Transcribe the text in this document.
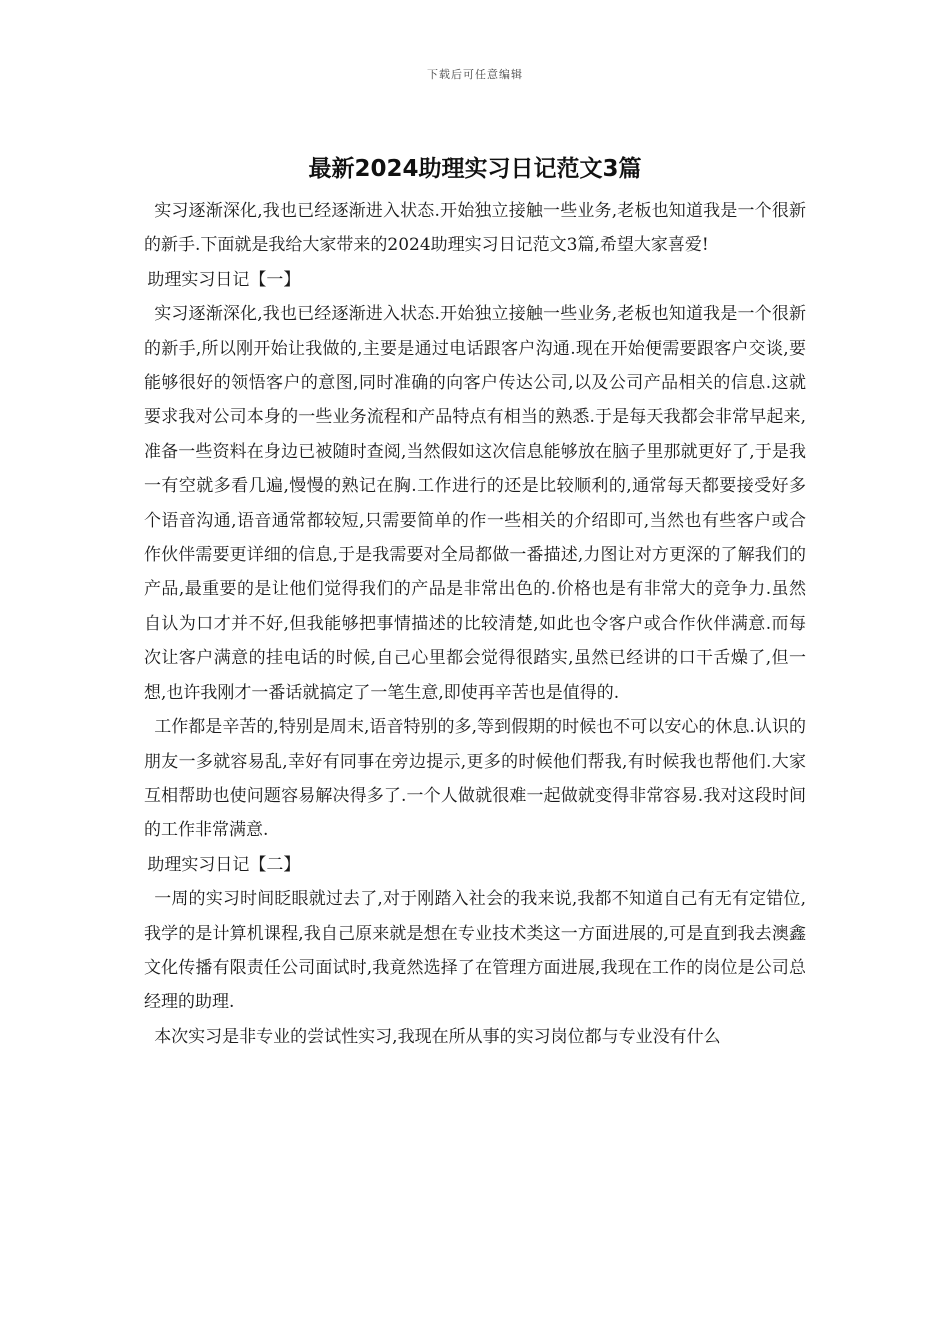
下载后可任意编辑
最新2024助理实习日记范文3篇

实习逐渐深化,我也已经逐渐进入状态.开始独立接触一些业务,老板也知道我是一个很新的新手.下面就是我给大家带来的2024助理实习日记范文3篇,希望大家喜爱!

助理实习日记【一】

实习逐渐深化,我也已经逐渐进入状态.开始独立接触一些业务,老板也知道我是一个很新的新手,所以刚开始让我做的,主要是通过电话跟客户沟通.现在开始便需要跟客户交谈,要能够很好的领悟客户的意图,同时准确的向客户传达公司,以及公司产品相关的信息.这就要求我对公司本身的一些业务流程和产品特点有相当的熟悉.于是每天我都会非常早起来,准备一些资料在身边已被随时查阅,当然假如这次信息能够放在脑子里那就更好了,于是我一有空就多看几遍,慢慢的熟记在胸.工作进行的还是比较顺利的,通常每天都要接受好多个语音沟通,语音通常都较短,只需要简单的作一些相关的介绍即可,当然也有些客户或合作伙伴需要更详细的信息,于是我需要对全局都做一番描述,力图让对方更深的了解我们的产品,最重要的是让他们觉得我们的产品是非常出色的.价格也是有非常大的竞争力.虽然自认为口才并不好,但我能够把事情描述的比较清楚,如此也令客户或合作伙伴满意.而每次让客户满意的挂电话的时候,自己心里都会觉得很踏实,虽然已经讲的口干舌燥了,但一想,也许我刚才一番话就搞定了一笔生意,即使再辛苦也是值得的.

工作都是辛苦的,特别是周末,语音特别的多,等到假期的时候也不可以安心的休息.认识的朋友一多就容易乱,幸好有同事在旁边提示,更多的时候他们帮我,有时候我也帮他们.大家互相帮助也使问题容易解决得多了.一个人做就很难一起做就变得非常容易.我对这段时间的工作非常满意.

助理实习日记【二】

一周的实习时间眨眼就过去了,对于刚踏入社会的我来说,我都不知道自己有无有定错位,我学的是计算机课程,我自己原来就是想在专业技术类这一方面进展的,可是直到我去澳鑫文化传播有限责任公司面试时,我竟然选择了在管理方面进展,我现在工作的岗位是公司总经理的助理.

本次实习是非专业的尝试性实习,我现在所从事的实习岗位都与专业没有什么
